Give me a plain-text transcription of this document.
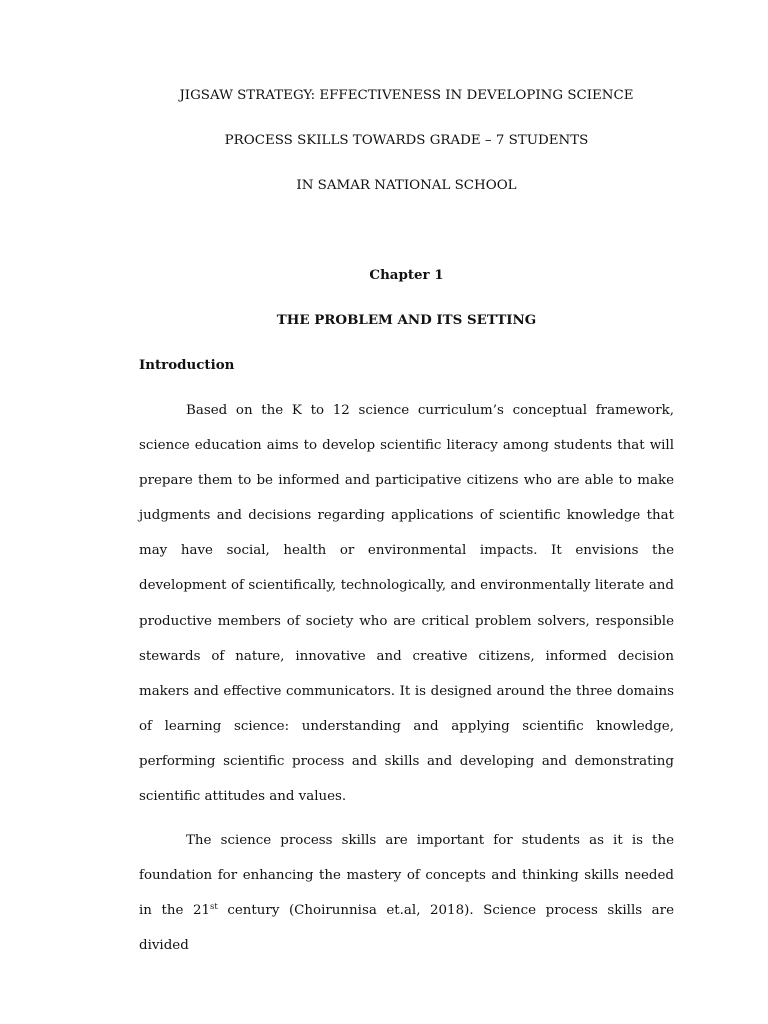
JIGSAW STRATEGY: EFFECTIVENESS IN DEVELOPING SCIENCE
PROCESS SKILLS TOWARDS GRADE – 7 STUDENTS
IN SAMAR NATIONAL SCHOOL
Chapter 1
THE PROBLEM AND ITS SETTING
Introduction

Based on the K to 12 science curriculum’s conceptual framework, science education aims to develop scientific literacy among students that will prepare them to be informed and participative citizens who are able to make judgments and decisions regarding applications of scientific knowledge that may have social, health or environmental impacts. It envisions the development of scientifically, technologically, and environmentally literate and productive members of society who are critical problem solvers, responsible stewards of nature, innovative and creative citizens, informed decision makers and effective communicators. It is designed around the three domains of learning science: understanding and applying scientific knowledge, performing scientific process and skills and developing and demonstrating scientific attitudes and values.

The science process skills are important for students as it is the foundation for enhancing the mastery of concepts and thinking skills needed in the 21st century (Choirunnisa et.al, 2018). Science process skills are divided
